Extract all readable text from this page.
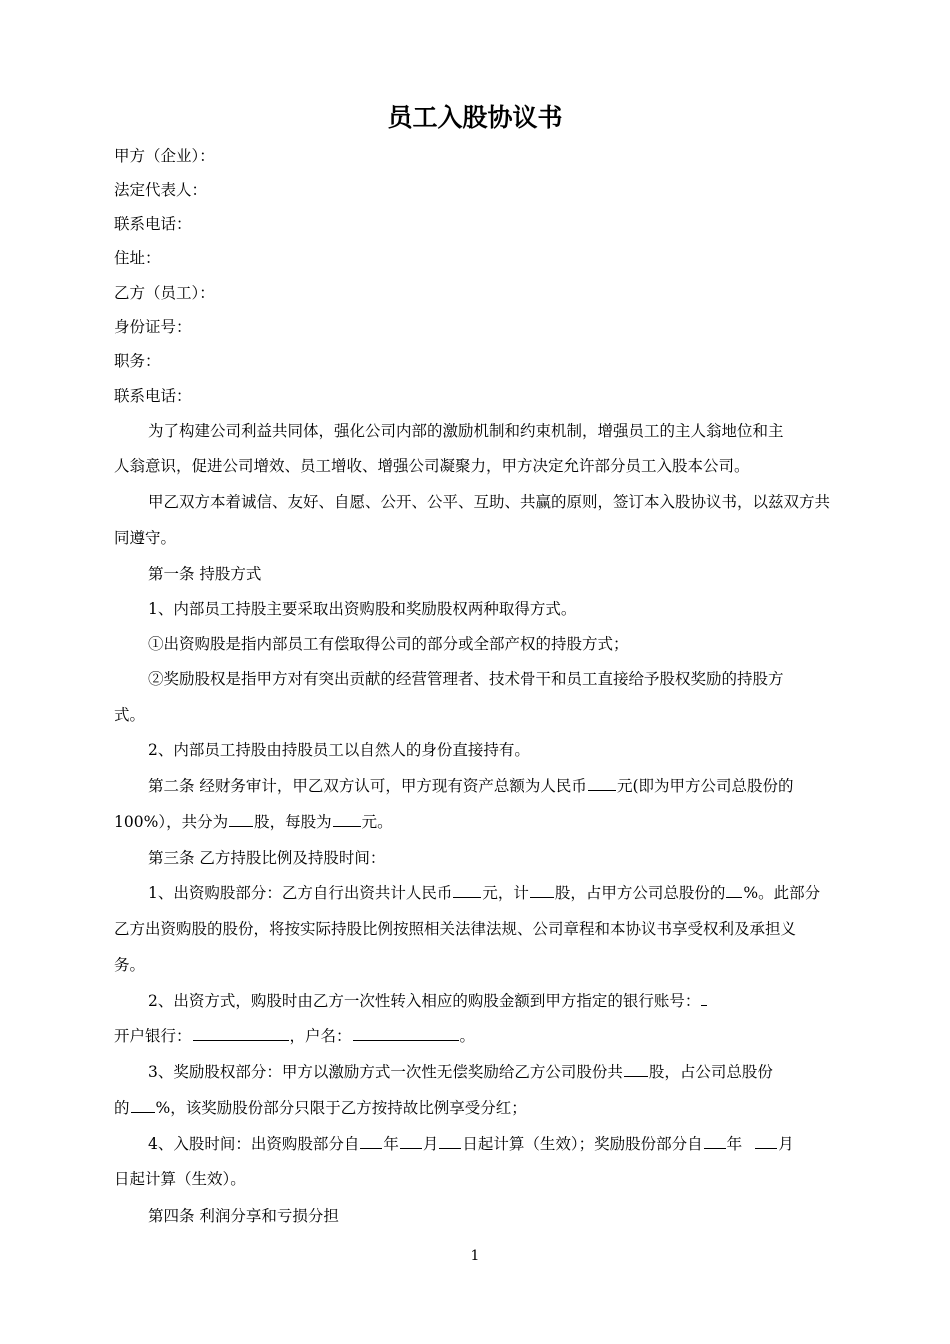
员工入股协议书
甲方（企业）：
法定代表人：
联系电话：
住址：
乙方（员工）：
身份证号：
职务：
联系电话：
为了构建公司利益共同体，强化公司内部的激励机制和约束机制，增强员工的主人翁地位和主
人翁意识，促进公司增效、员工增收、增强公司凝聚力，甲方决定允许部分员工入股本公司。
甲乙双方本着诚信、友好、自愿、公开、公平、互助、共赢的原则，签订本入股协议书，以兹双方共
同遵守。
第一条 持股方式
1、内部员工持股主要采取出资购股和奖励股权两种取得方式。
①出资购股是指内部员工有偿取得公司的部分或全部产权的持股方式；
②奖励股权是指甲方对有突出贡献的经营管理者、技术骨干和员工直接给予股权奖励的持股方
式。
2、内部员工持股由持股员工以自然人的身份直接持有。
第二条 经财务审计，甲乙双方认可，甲方现有资产总额为人民币 元(即为甲方公司总股份的
100%），共分为 股，每股为 元。
第三条 乙方持股比例及持股时间：
1、出资购股部分：乙方自行出资共计人民币 元，计 股，占甲方公司总股份的 %。此部分
乙方出资购股的股份，将按实际持股比例按照相关法律法规、公司章程和本协议书享受权利及承担义
务。
2、出资方式，购股时由乙方一次性转入相应的购股金额到甲方指定的银行账号：
开户银行：	，户名：	。
3、奖励股权部分：甲方以激励方式一次性无偿奖励给乙方公司股份共 股，占公司总股份
的 %，该奖励股份部分只限于乙方按持故比例享受分红；
4、入股时间：出资购股部分自 年 月 日起计算（生效）；奖励股份部分自 年 月
日起计算（生效）。
第四条 利润分享和亏损分担
1
